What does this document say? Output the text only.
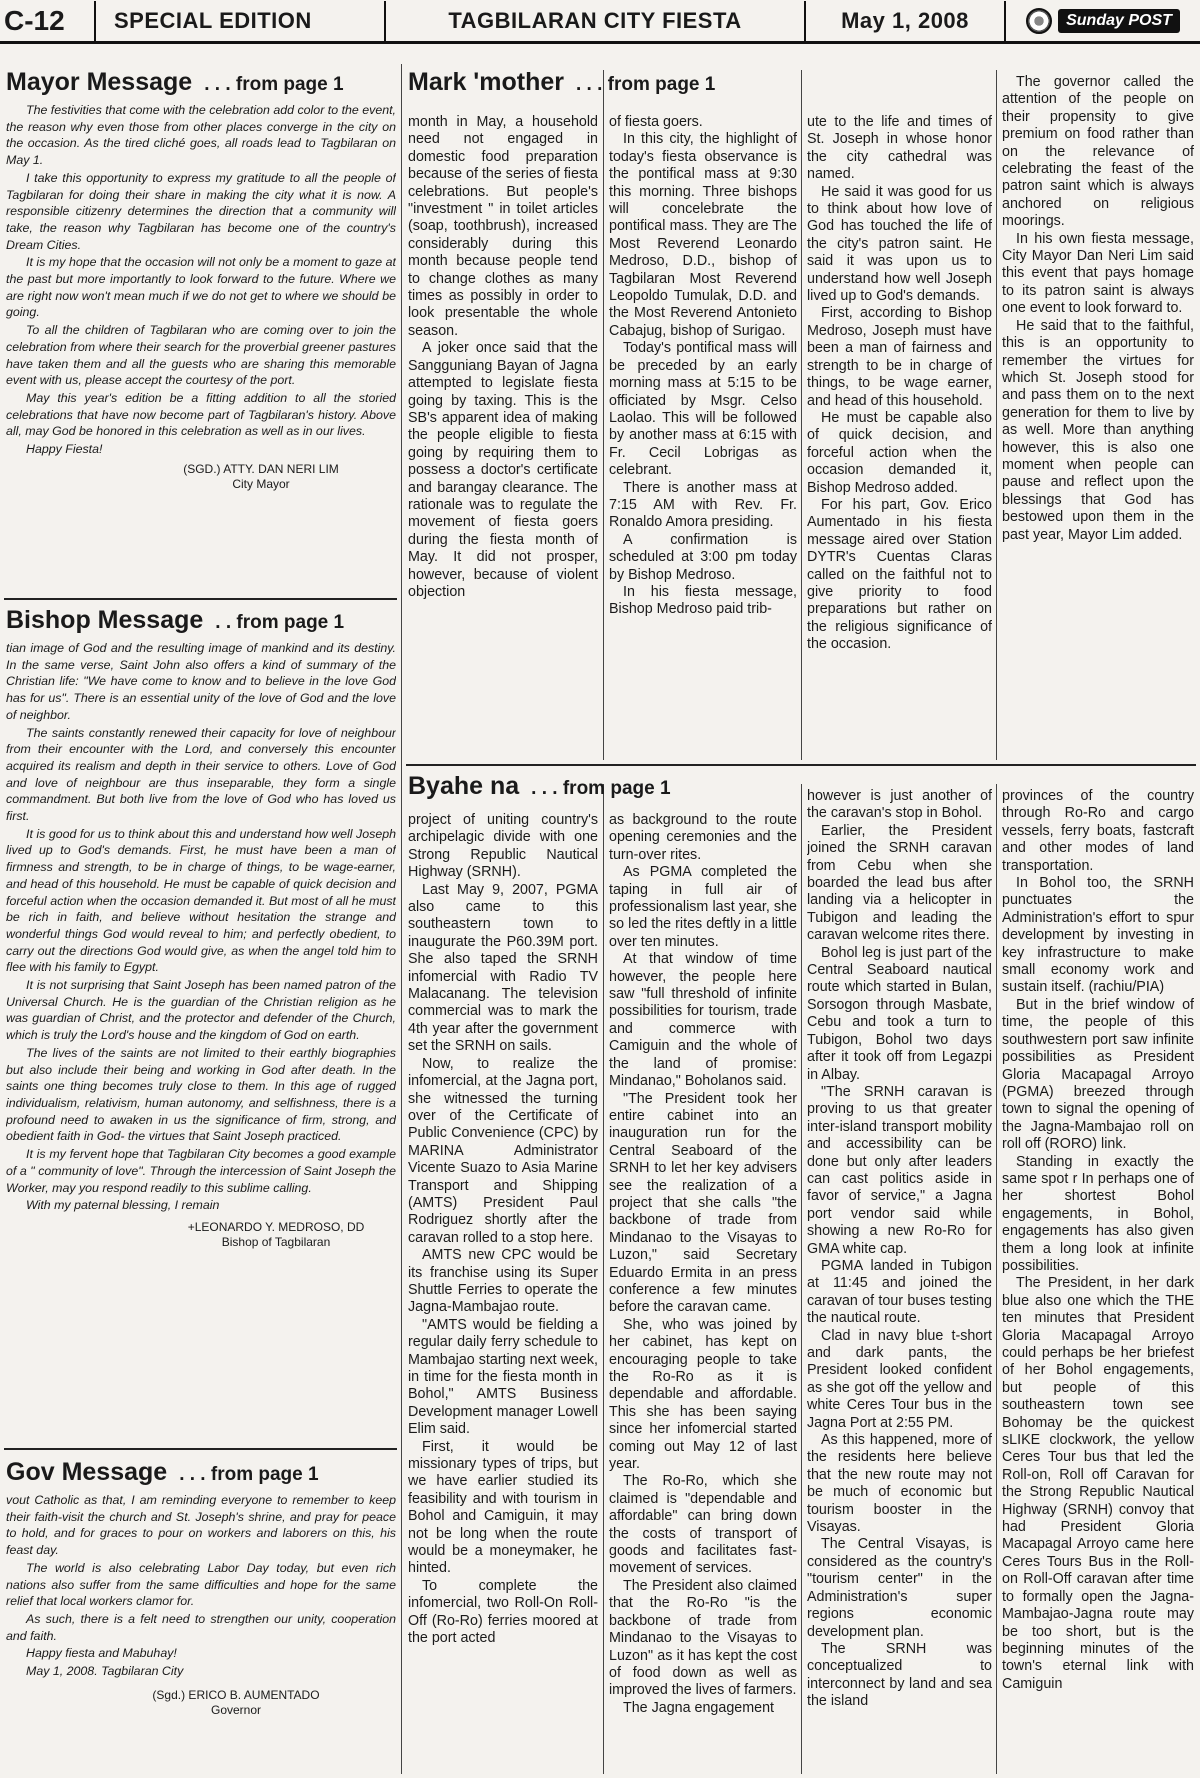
C-12	SPECIAL EDITION	TAGBILARAN CITY FIESTA	May 1, 2008	Sunday POST
Mayor Message . . . from page 1

The festivities that come with the celebration add color to the event, the reason why even those from other places converge in the city on the occasion. As the tired cliché goes, all roads lead to Tagbilaran on May 1.

I take this opportunity to express my gratitude to all the people of Tagbilaran for doing their share in making the city what it is now. A responsible citizenry determines the direction that a community will take, the reason why Tagbilaran has become one of the country's Dream Cities.

It is my hope that the occasion will not only be a moment to gaze at the past but more importantly to look forward to the future. Where we are right now won't mean much if we do not get to where we should be going.

To all the children of Tagbilaran who are coming over to join the celebration from where their search for the proverbial greener pastures have taken them and all the guests who are sharing this memorable event with us, please accept the courtesy of the port.

May this year's edition be a fitting addition to all the storied celebrations that have now become part of Tagbilaran's history. Above all, may God be honored in this celebration as well as in our lives.

Happy Fiesta!

(SGD.) ATTY. DAN NERI LIM
City Mayor
Bishop Message . . from page 1

tian image of God and the resulting image of mankind and its destiny. In the same verse, Saint John also offers a kind of summary of the Christian life: "We have come to know and to believe in the love God has for us". There is an essential unity of the love of God and the love of neighbor.

The saints constantly renewed their capacity for love of neighbour from their encounter with the Lord, and conversely this encounter acquired its realism and depth in their service to others. Love of God and love of neighbour are thus inseparable, they form a single commandment. But both live from the love of God who has loved us first.

It is good for us to think about this and understand how well Joseph lived up to God's demands. First, he must have been a man of firmness and strength, to be in charge of things, to be wage-earner, and head of this household. He must be capable of quick decision and forceful action when the occasion demanded it. But most of all he must be rich in faith, and believe without hesitation the strange and wonderful things God would reveal to him; and perfectly obedient, to carry out the directions God would give, as when the angel told him to flee with his family to Egypt.

It is not surprising that Saint Joseph has been named patron of the Universal Church. He is the guardian of the Christian religion as he was guardian of Christ, and the protector and defender of the Church, which is truly the Lord's house and the kingdom of God on earth.

The lives of the saints are not limited to their earthly biographies but also include their being and working in God after death. In the saints one thing becomes truly close to them. In this age of rugged individualism, relativism, human autonomy, and selfishness, there is a profound need to awaken in us the significance of firm, strong, and obedient faith in God- the virtues that Saint Joseph practiced.

It is my fervent hope that Tagbilaran City becomes a good example of a " community of love". Through the intercession of Saint Joseph the Worker, may you respond readily to this sublime calling.

With my paternal blessing, I remain

+LEONARDO Y. MEDROSO, DD
Bishop of Tagbilaran
Gov Message . . . from page 1

vout Catholic as that, I am reminding everyone to remember to keep their faith-visit the church and St. Joseph's shrine, and pray for peace to hold, and for graces to pour on workers and laborers on this, his feast day.

The world is also celebrating Labor Day today, but even rich nations also suffer from the same difficulties and hope for the same relief that local workers clamor for.

As such, there is a felt need to strengthen our unity, cooperation and faith.

Happy fiesta and Mabuhay!

May 1, 2008. Tagbilaran City

(Sgd.) ERICO B. AUMENTADO
Governor
Mark 'mother . . . from page 1

month in May, a household need not engaged in domestic food preparation because of the series of fiesta celebrations. But people's "investment " in toilet articles (soap, toothbrush), increased considerably during this month because people tend to change clothes as many times as possibly in order to look presentable the whole season.

A joker once said that the Sangguniang Bayan of Jagna attempted to legislate fiesta going by taxing. This is the SB's apparent idea of making the people eligible to fiesta going by requiring them to possess a doctor's certificate and barangay clearance. The rationale was to regulate the movement of fiesta goers during the fiesta month of May. It did not prosper, however, because of violent objection

of fiesta goers.

In this city, the highlight of today's fiesta observance is the pontifical mass at 9:30 this morning. Three bishops will concelebrate the pontifical mass. They are The Most Reverend Leonardo Medroso, D.D., bishop of Tagbilaran Most Reverend Leopoldo Tumulak, D.D. and the Most Reverend Antonieto Cabajug, bishop of Surigao.

Today's pontifical mass will be preceded by an early morning mass at 5:15 to be officiated by Msgr. Celso Laolao. This will be followed by another mass at 6:15 with Fr. Cecil Lobrigas as celebrant.

There is another mass at 7:15 AM with Rev. Fr. Ronaldo Amora presiding.

A confirmation is scheduled at 3:00 pm today by Bishop Medroso.

In his fiesta message, Bishop Medroso paid trib-

ute to the life and times of St. Joseph in whose honor the city cathedral was named.

He said it was good for us to think about how love of God has touched the life of the city's patron saint. He said it was upon us to understand how well Joseph lived up to God's demands.

First, according to Bishop Medroso, Joseph must have been a man of fairness and strength to be in charge of things, to be wage earner, and head of this household.

He must be capable also of quick decision, and forceful action when the occasion demanded it, Bishop Medroso added.

For his part, Gov. Erico Aumentado in his fiesta message aired over Station DYTR's Cuentas Claras called on the faithful not to give priority to food preparations but rather on the religious significance of the occasion.

The governor called the attention of the people on their propensity to give premium on food rather than on the relevance of celebrating the feast of the patron saint which is always anchored on religious moorings.

In his own fiesta message, City Mayor Dan Neri Lim said this event that pays homage to its patron saint is always one event to look forward to.

He said that to the faithful, this is an opportunity to remember the virtues for which St. Joseph stood for and pass them on to the next generation for them to live by as well. More than anything however, this is also one moment when people can pause and reflect upon the blessings that God has bestowed upon them in the past year, Mayor Lim added.

Byahe na . . . from page 1

project of uniting country's archipelagic divide with one Strong Republic Nautical Highway (SRNH).

Last May 9, 2007, PGMA also came to this southeastern town to inaugurate the P60.39M port. She also taped the SRNH infomercial with Radio TV Malacanang. The television commercial was to mark the 4th year after the government set the SRNH on sails.

Now, to realize the infomercial, at the Jagna port, she witnessed the turning over of the Certificate of Public Convenience (CPC) by MARINA Administrator Vicente Suazo to Asia Marine Transport and Shipping (AMTS) President Paul Rodriguez shortly after the caravan rolled to a stop here.

AMTS new CPC would be its franchise using its Super Shuttle Ferries to operate the Jagna-Mambajao route.

"AMTS would be fielding a regular daily ferry schedule to Mambajao starting next week, in time for the fiesta month in Bohol," AMTS Business Development manager Lowell Elim said.

First, it would be missionary types of trips, but we have earlier studied its feasibility and with tourism in Bohol and Camiguin, it may not be long when the route would be a moneymaker, he hinted.

To complete the infomercial, two Roll-On Roll-Off (Ro-Ro) ferries moored at the port acted

as background to the route opening ceremonies and the turn-over rites.

As PGMA completed the taping in full air of professionalism last year, she so led the rites deftly in a little over ten minutes.

At that window of time however, the people here saw "full threshold of infinite possibilities for tourism, trade and commerce with Camiguin and the whole of the land of promise: Mindanao," Boholanos said.

"The President took her entire cabinet into an inauguration run for the Central Seaboard of the SRNH to let her key advisers see the realization of a project that she calls "the backbone of trade from Mindanao to the Visayas to Luzon," said Secretary Eduardo Ermita in an press conference a few minutes before the caravan came.

She, who was joined by her cabinet, has kept on encouraging people to take the Ro-Ro as it is dependable and affordable. This she has been saying since her infomercial started coming out May 12 of last year.

The Ro-Ro, which she claimed is "dependable and affordable" can bring down the costs of transport of goods and facilitates fast-movement of services.

The President also claimed that the Ro-Ro "is the backbone of trade from Mindanao to the Visayas to Luzon" as it has kept the cost of food down as well as improved the lives of farmers.

The Jagna engagement

however is just another of the caravan's stop in Bohol.

Earlier, the President joined the SRNH caravan from Cebu when she boarded the lead bus after landing via a helicopter in Tubigon and leading the caravan welcome rites there.

Bohol leg is just part of the Central Seaboard nautical route which started in Bulan, Sorsogon through Masbate, Cebu and took a turn to Tubigon, Bohol two days after it took off from Legazpi in Albay.

"The SRNH caravan is proving to us that greater inter-island transport mobility and accessibility can be done but only after leaders can cast politics aside in favor of service," a Jagna port vendor said while showing a new Ro-Ro for GMA white cap.

PGMA landed in Tubigon at 11:45 and joined the caravan of tour buses testing the nautical route.

Clad in navy blue t-short and dark pants, the President looked confident as she got off the yellow and white Ceres Tour bus in the Jagna Port at 2:55 PM.

As this happened, more of the residents here believe that the new route may not be much of economic but tourism booster in the Visayas.

The Central Visayas, is considered as the country's "tourism center" in the Administration's super regions economic development plan.

The SRNH was conceptualized to interconnect by land and sea the island

provinces of the country through Ro-Ro and cargo vessels, ferry boats, fastcraft and other modes of land transportation.

In Bohol too, the SRNH punctuates the Administration's effort to spur development by investing in key infrastructure to make small economy work and sustain itself. (rachiu/PIA)

But in the brief window of time, the people of this southwestern port saw infinite possibilities as President Gloria Macapagal Arroyo (PGMA) breezed through town to signal the opening of the Jagna-Mambajao roll on roll off (RORO) link.

Standing in exactly the same spot r In perhaps one of her shortest Bohol engagements, in Bohol, engagements has also given them a long look at infinite possibilities.

The President, in her dark blue also one which the THE ten minutes that President Gloria Macapagal Arroyo could perhaps be her briefest of her Bohol engagements, but people of this southeastern town see Bohomay be the quickest sLIKE clockwork, the yellow Ceres Tour bus that led the Roll-on, Roll off Caravan for the Strong Republic Nautical Highway (SRNH) convoy that had President Gloria Macapagal Arroyo came here Ceres Tours Bus in the Roll-on Roll-Off caravan after time to formally open the Jagna-Mambajao-Jagna route may be too short, but is the beginning minutes of the town's eternal link with Camiguin
